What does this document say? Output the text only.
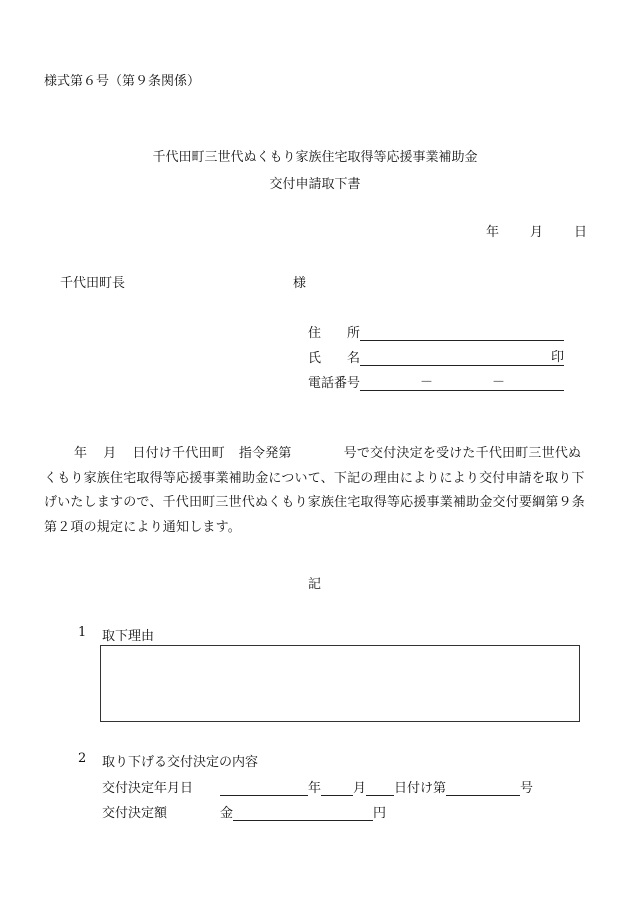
様式第６号（第９条関係）
千代田町三世代ぬくもり家族住宅取得等応援事業補助金
交付申請取下書
年 月 日
千代田町長	様
住　　所
氏　　名	印
電話番号	－	－
年 月 日付け千代田町 指令発第	号で交付決定を受けた千代田町三世代ぬくもり家族住宅取得等応援事業補助金について、下記の理由によりにより交付申請を取り下げいたしますので、千代田町三世代ぬくもり家族住宅取得等応援事業補助金交付要綱第９条第２項の規定により通知します。
記
1 取下理由
2 取り下げる交付決定の内容
交付決定年月日	年 月 日付け第	号
交付決定額	金	円
